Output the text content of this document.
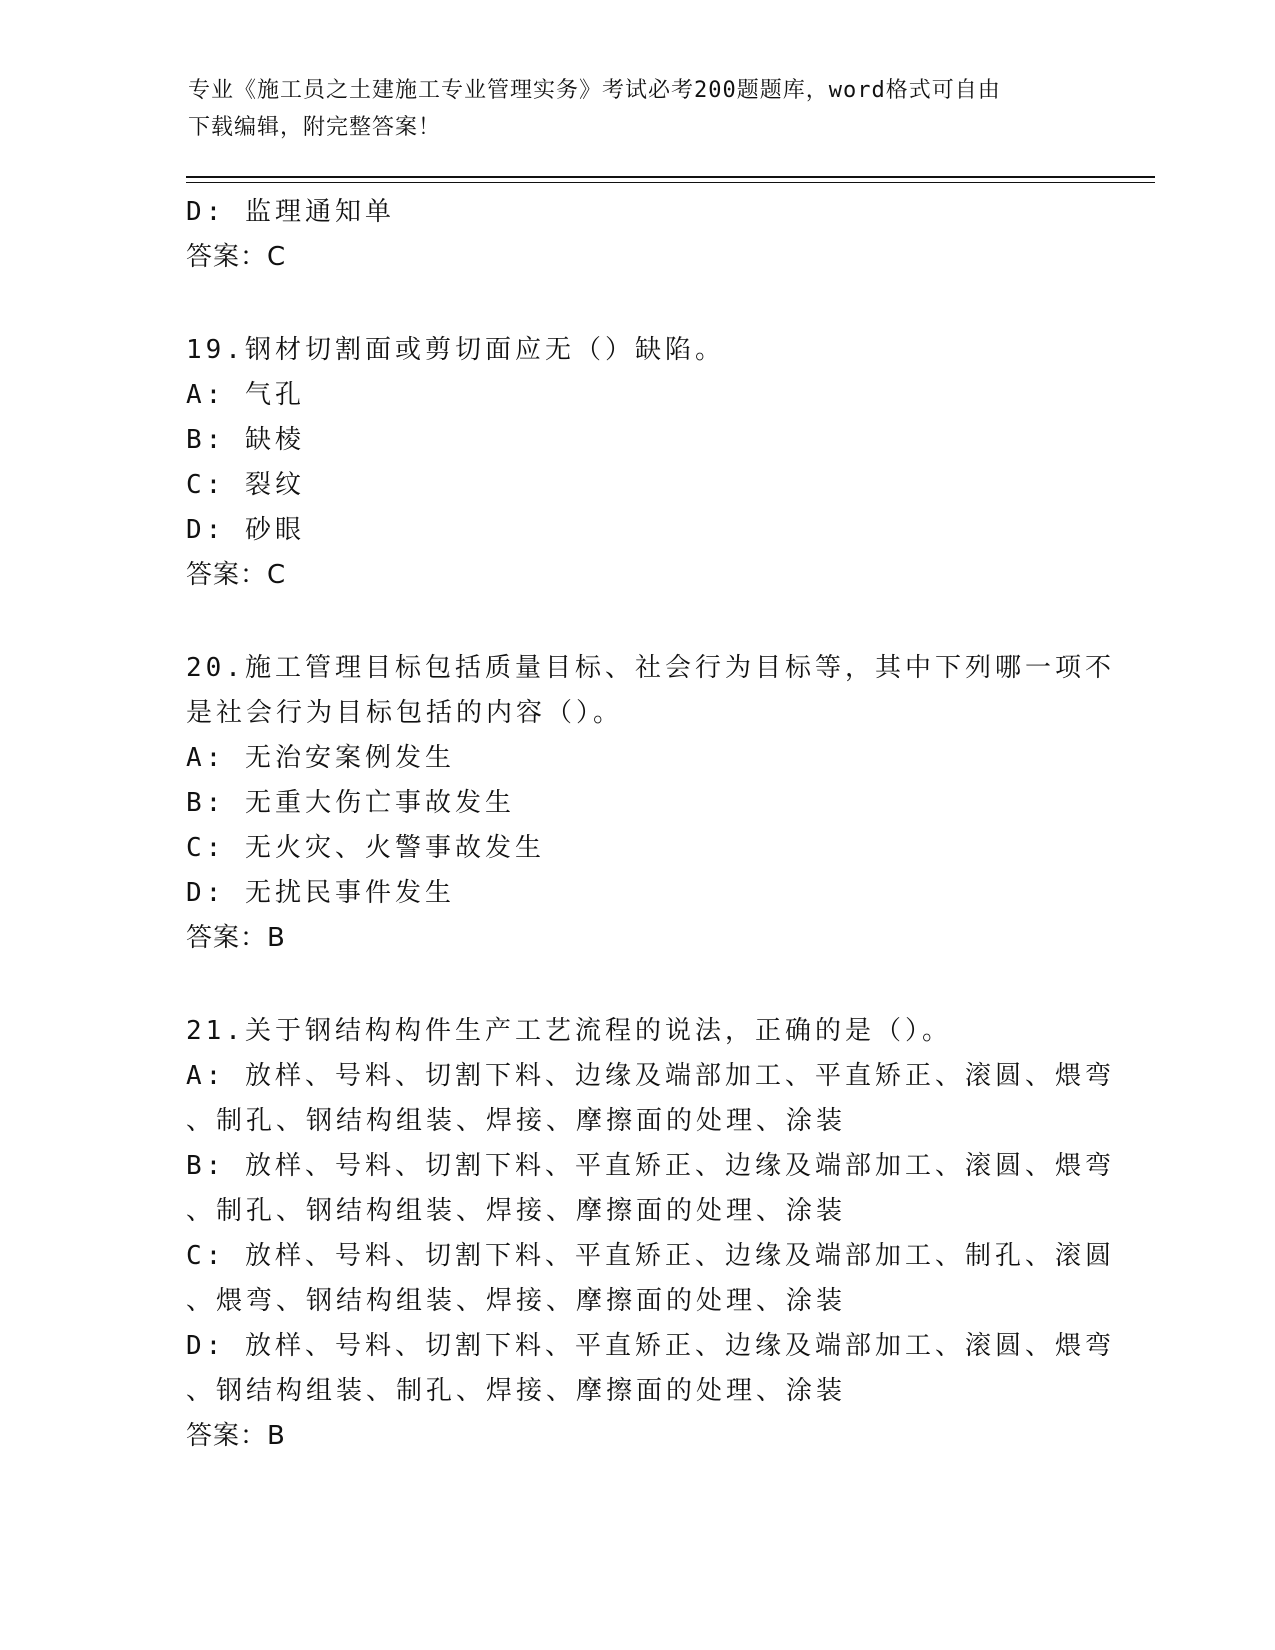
专业《施工员之土建施工专业管理实务》考试必考200题题库，word格式可自由
下载编辑，附完整答案！
D: 监理通知单
答案：C
19.钢材切割面或剪切面应无（）缺陷。
A: 气孔
B: 缺棱
C: 裂纹
D: 砂眼
答案：C
20.施工管理目标包括质量目标、社会行为目标等，其中下列哪一项不
是社会行为目标包括的内容（）。
A: 无治安案例发生
B: 无重大伤亡事故发生
C: 无火灾、火警事故发生
D: 无扰民事件发生
答案：B
21.关于钢结构构件生产工艺流程的说法，正确的是（）。
A: 放样、号料、切割下料、边缘及端部加工、平直矫正、滚圆、煨弯
、制孔、钢结构组装、焊接、摩擦面的处理、涂装
B: 放样、号料、切割下料、平直矫正、边缘及端部加工、滚圆、煨弯
、制孔、钢结构组装、焊接、摩擦面的处理、涂装
C: 放样、号料、切割下料、平直矫正、边缘及端部加工、制孔、滚圆
、煨弯、钢结构组装、焊接、摩擦面的处理、涂装
D: 放样、号料、切割下料、平直矫正、边缘及端部加工、滚圆、煨弯
、钢结构组装、制孔、焊接、摩擦面的处理、涂装
答案：B
